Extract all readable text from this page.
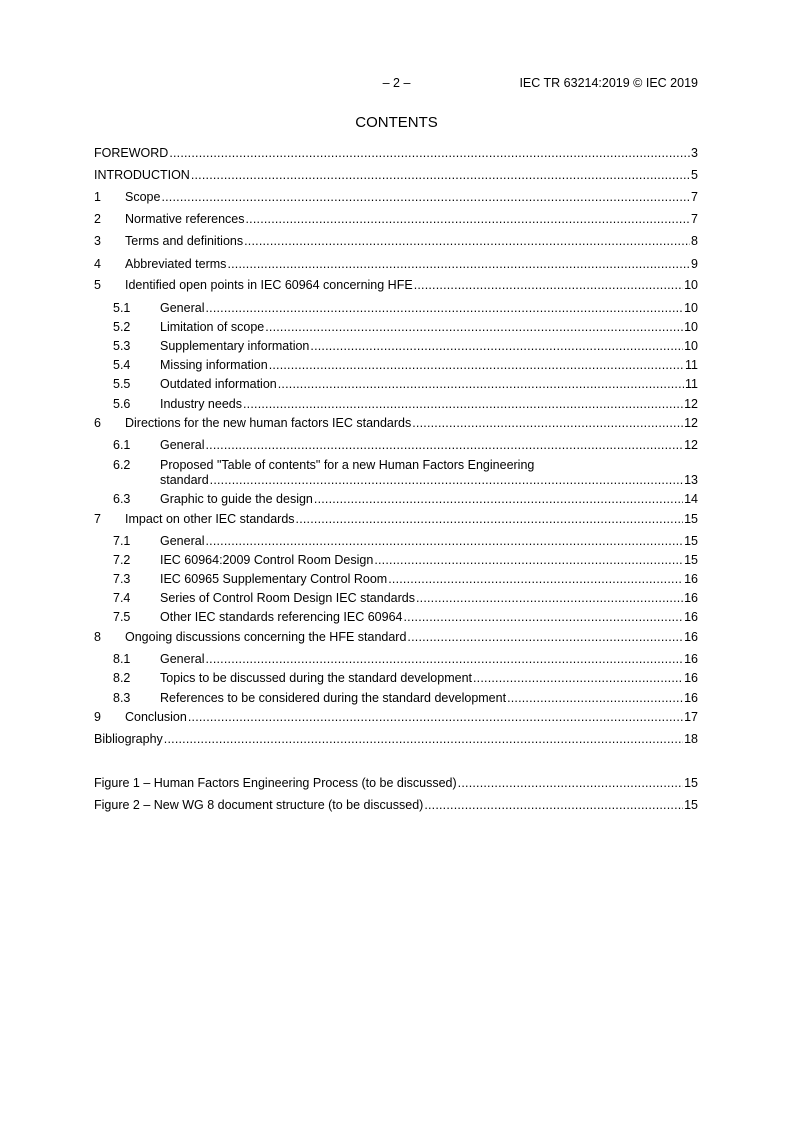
– 2 –	IEC TR 63214:2019 © IEC 2019
CONTENTS
FOREWORD .....	3
INTRODUCTION .....	5
1	Scope .....	7
2	Normative references .....	7
3	Terms and definitions .....	8
4	Abbreviated terms .....	9
5	Identified open points in IEC 60964 concerning HFE .....	10
5.1	General .....	10
5.2	Limitation of scope .....	10
5.3	Supplementary information .....	10
5.4	Missing information .....	11
5.5	Outdated information .....	11
5.6	Industry needs .....	12
6	Directions for the new human factors IEC standards .....	12
6.1	General .....	12
6.2	Proposed "Table of contents" for a new Human Factors Engineering
standard .....	13
6.3	Graphic to guide the design .....	14
7	Impact on other IEC standards .....	15
7.1	General .....	15
7.2	IEC 60964:2009 Control Room Design .....	15
7.3	IEC 60965 Supplementary Control Room .....	16
7.4	Series of Control Room Design IEC standards .....	16
7.5	Other IEC standards referencing IEC 60964 .....	16
8	Ongoing discussions concerning the HFE standard .....	16
8.1	General .....	16
8.2	Topics to be discussed during the standard development .....	16
8.3	References to be considered during the standard development .....	16
9	Conclusion .....	17
Bibliography .....	18
Figure 1 – Human Factors Engineering Process (to be discussed) .....	15
Figure 2 – New WG 8 document structure (to be discussed) .....	15
